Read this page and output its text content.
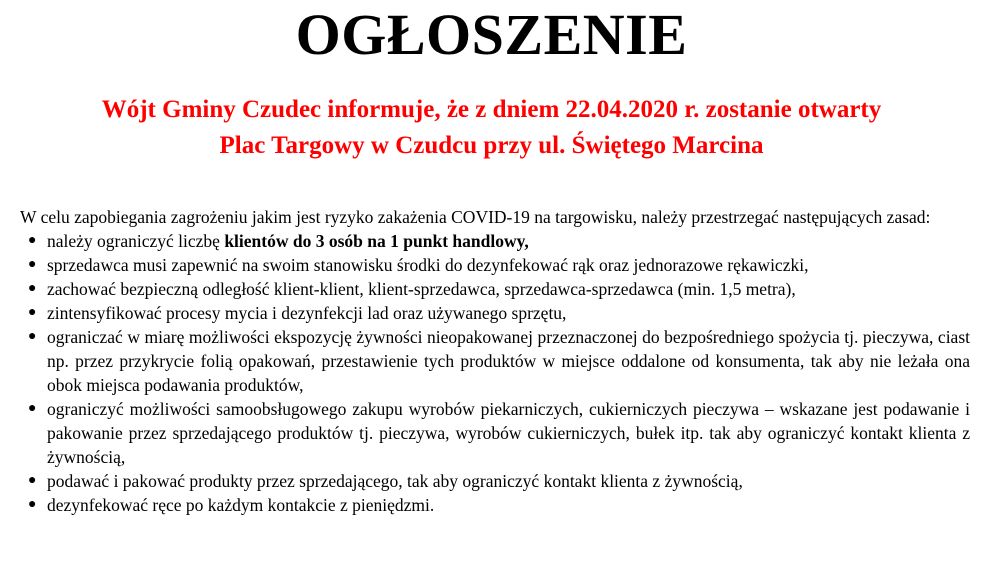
OGŁOSZENIE
Wójt Gminy Czudec informuje, że z dniem 22.04.2020 r. zostanie otwarty
Plac Targowy w Czudcu przy ul. Świętego Marcina

W celu zapobiegania zagrożeniu jakim jest ryzyko zakażenia COVID-19 na targowisku, należy przestrzegać następujących zasad:

● należy ograniczyć liczbę klientów do 3 osób na 1 punkt handlowy,
● sprzedawca musi zapewnić na swoim stanowisku środki do dezynfekować rąk oraz jednorazowe rękawiczki,
● zachować bezpieczną odległość klient-klient, klient-sprzedawca, sprzedawca-sprzedawca (min. 1,5 metra),
● zintensyfikować procesy mycia i dezynfekcji lad oraz używanego sprzętu,
● ograniczać w miarę możliwości ekspozycję żywności nieopakowanej przeznaczonej do bezpośredniego spożycia tj. pieczywa, ciast np. przez przykrycie folią opakowań, przestawienie tych produktów w miejsce oddalone od konsumenta, tak aby nie leżała ona obok miejsca podawania produktów,
● ograniczyć możliwości samoobsługowego zakupu wyrobów piekarniczych, cukierniczych pieczywa – wskazane jest podawanie i pakowanie przez sprzedającego produktów tj. pieczywa, wyrobów cukierniczych, bułek itp. tak aby ograniczyć kontakt klienta z żywnością,
● podawać i pakować produkty przez sprzedającego, tak aby ograniczyć kontakt klienta z żywnością,
● dezynfekować ręce po każdym kontakcie z pieniędzmi.
